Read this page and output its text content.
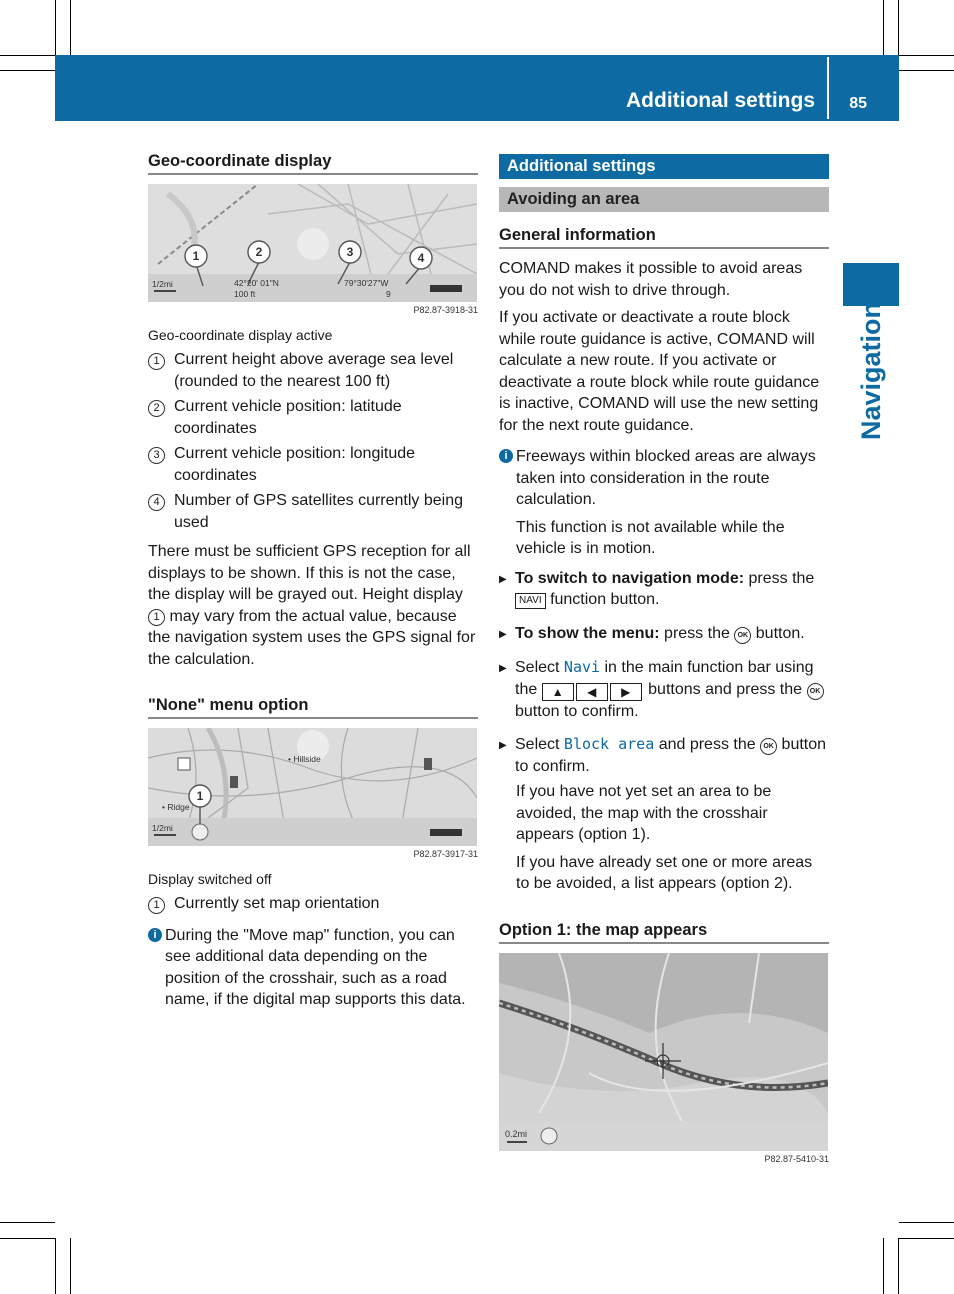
Additional settings 85
Navigation
Geo-coordinate display
1	2	3	4
1/2mi	42°20' 01"N
100 ft
79°30'27"W
9
P82.87-3918-31
Geo-coordinate display active
1 Current height above average sea level (rounded to the nearest 100 ft)
2 Current vehicle position: latitude coordinates
3 Current vehicle position: longitude coordinates
4 Number of GPS satellites currently being used

There must be sufficient GPS reception for all displays to be shown. If this is not the case, the display will be grayed out. Height display 1 may vary from the actual value, because the navigation system uses the GPS signal for the calculation.

"None" menu option
• Ridge
• Hillside
1/2mi
1
P82.87-3917-31
Display switched off
1 Currently set map orientation
i During the "Move map" function, you can see additional data depending on the position of the crosshair, such as a road name, if the digital map supports this data.
Additional settings
Avoiding an area
General information

COMAND makes it possible to avoid areas you do not wish to drive through.

If you activate or deactivate a route block while route guidance is active, COMAND will calculate a new route. If you activate or deactivate a route block while route guidance is inactive, COMAND will use the new setting for the next route guidance.

i Freeways within blocked areas are always taken into consideration in the route calculation.

This function is not available while the vehicle is in motion.

▶ To switch to navigation mode: press the NAVI function button.
▶ To show the menu: press the OK button.
▶ Select Navi in the main function bar using the ▲ ◀ ▶ buttons and press the OK button to confirm.
▶ Select Block area and press the OK button to confirm.

If you have not yet set an area to be avoided, the map with the crosshair appears (option 1).

If you have already set one or more areas to be avoided, a list appears (option 2).

Option 1: the map appears
0.2mi
P82.87-5410-31
